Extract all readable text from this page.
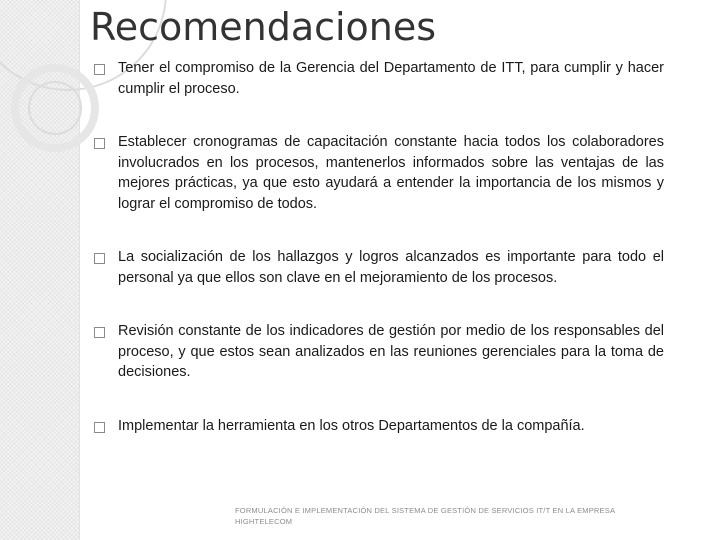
Recomendaciones
Tener el compromiso de la Gerencia del Departamento de ITT, para cumplir y hacer cumplir el proceso.
Establecer cronogramas de capacitación constante hacia todos los colaboradores involucrados en los procesos, mantenerlos informados sobre las ventajas de las mejores prácticas, ya que esto ayudará a entender la importancia de los mismos y lograr el compromiso de todos.
La socialización de los hallazgos y logros alcanzados es importante para todo el personal ya que ellos son clave en el mejoramiento de los procesos.
Revisión constante de los indicadores de gestión por medio de los responsables del proceso, y que estos sean analizados en las reuniones gerenciales para la toma de decisiones.
Implementar la herramienta en los otros Departamentos de la compañía.
FORMULACIÓN E IMPLEMENTACIÓN DEL SISTEMA DE GESTIÓN DE SERVICIOS IT/T EN LA EMPRESA HIGHTELECOM
